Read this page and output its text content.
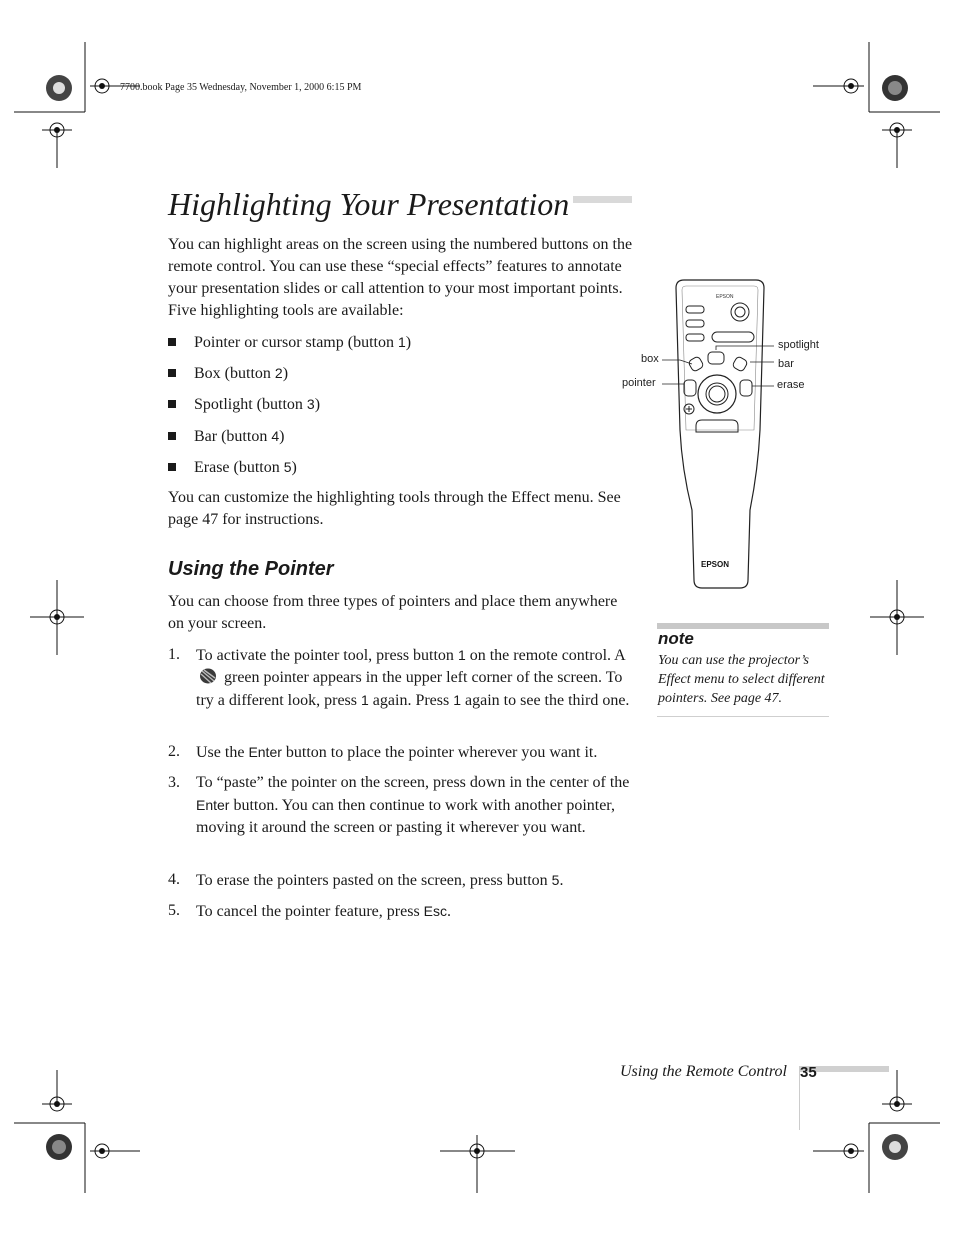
7700.book Page 35 Wednesday, November 1, 2000 6:15 PM
Highlighting Your Presentation
You can highlight areas on the screen using the numbered buttons on the remote control. You can use these “special effects” features to annotate your presentation slides or call attention to your most important points. Five highlighting tools are available:
Pointer or cursor stamp (button 1)
Box (button 2)
Spotlight (button 3)
Bar (button 4)
Erase (button 5)
You can customize the highlighting tools through the Effect menu. See page 47 for instructions.
Using the Pointer
You can choose from three types of pointers and place them anywhere on your screen.
1. To activate the pointer tool, press button 1 on the remote control. A  green pointer appears in the upper left corner of the screen. To try a different look, press 1 again. Press 1 again to see the third one.
2. Use the Enter button to place the pointer wherever you want it.
3. To “paste” the pointer on the screen, press down in the center of the Enter button. You can then continue to work with another pointer, moving it around the screen or pasting it wherever you want.
4. To erase the pointers pasted on the screen, press button 5.
5. To cancel the pointer feature, press Esc.
EPSON
EPSON
box
pointer
spotlight
bar
erase
note
You can use the projector’s Effect menu to select different pointers. See page 47.
Using the Remote Control 35
